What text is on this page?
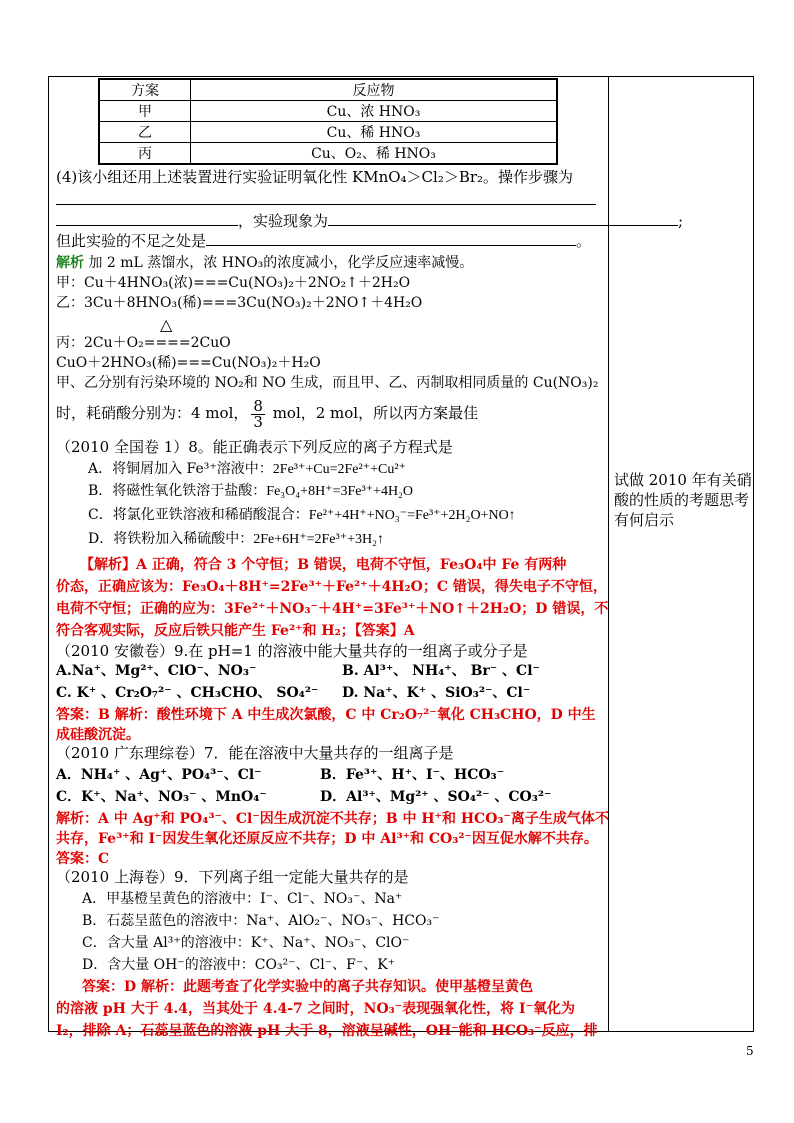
方案	反应物
甲	Cu、浓 HNO₃
乙	Cu、稀 HNO₃
丙	Cu、O₂、稀 HNO₃
(4)该小组还用上述装置进行实验证明氧化性 KMnO₄＞Cl₂＞Br₂。操作步骤为
，实验现象为	;
但此实验的不足之处是	。
解析 加 2 mL 蒸馏水，浓 HNO₃的浓度减小，化学反应速率减慢。
甲：Cu＋4HNO₃(浓)===Cu(NO₃)₂＋2NO₂↑＋2H₂O
乙：3Cu＋8HNO₃(稀)===3Cu(NO₃)₂＋2NO↑＋4H₂O
△
丙：2Cu＋O₂====2CuO
CuO＋2HNO₃(稀)===Cu(NO₃)₂＋H₂O
甲、乙分别有污染环境的 NO₂和 NO 生成，而且甲、乙、丙制取相同质量的 Cu(NO₃)₂
时，耗硝酸分别为：4 mol， $\frac{8}{3}$ mol，2 mol，所以丙方案最佳
（2010 全国卷 1）8。能正确表示下列反应的离子方程式是
A．将铜屑加入 Fe³⁺溶液中：2Fe³⁺+Cu=2Fe²⁺+Cu²⁺
B．将磁性氧化铁溶于盐酸：Fe₃O₄+8H⁺=3Fe³⁺+4H₂O
C．将氯化亚铁溶液和稀硝酸混合：Fe²⁺+4H⁺+NO₃⁻=Fe³⁺+2H₂O+NO↑
D．将铁粉加入稀硫酸中：2Fe+6H⁺=2Fe³⁺+3H₂↑
【解析】A 正确，符合 3 个守恒；B 错误，电荷不守恒，Fe₃O₄中 Fe 有两种
价态，正确应该为：Fe₃O₄＋8H⁺=2Fe³⁺＋Fe²⁺＋4H₂O；C 错误，得失电子不守恒，
电荷不守恒；正确的应为：3Fe²⁺＋NO₃⁻＋4H⁺=3Fe³⁺＋NO↑＋2H₂O；D 错误，不
符合客观实际，反应后铁只能产生 Fe²⁺和 H₂；【答案】A
（2010 安徽卷）9.在 pH=1 的溶液中能大量共存的一组离子或分子是
A.Na⁺、Mg²⁺、ClO⁻、NO₃⁻	B. Al³⁺、 NH₄⁺、 Br⁻ 、Cl⁻
C. K⁺ 、Cr₂O₇²⁻ 、CH₃CHO、 SO₄²⁻ D. Na⁺、K⁺ 、SiO₃²⁻、Cl⁻
答案：B 解析：酸性环境下 A 中生成次氯酸，C 中 Cr₂O₇²⁻氧化 CH₃CHO，D 中生
成硅酸沉淀。
（2010 广东理综卷）7．能在溶液中大量共存的一组离子是
A．NH₄⁺ 、Ag⁺、PO₄³⁻、Cl⁻	B．Fe³⁺、H⁺、I⁻、HCO₃⁻
C．K⁺、Na⁺、NO₃⁻ 、MnO₄⁻	D．Al³⁺、Mg²⁺ 、SO₄²⁻ 、CO₃²⁻
解析：A 中 Ag⁺和 PO₄³⁻、Cl⁻因生成沉淀不共存；B 中 H⁺和 HCO₃⁻离子生成气体不
共存，Fe³⁺和 I⁻因发生氧化还原反应不共存；D 中 Al³⁺和 CO₃²⁻因互促水解不共存。
答案：C
（2010 上海卷）9．下列离子组一定能大量共存的是
A．甲基橙呈黄色的溶液中：I⁻、Cl⁻、NO₃⁻、Na⁺
B．石蕊呈蓝色的溶液中：Na⁺、AlO₂⁻、NO₃⁻、HCO₃⁻
C．含大量 Al³⁺的溶液中：K⁺、Na⁺、NO₃⁻、ClO⁻
D．含大量 OH⁻的溶液中：CO₃²⁻、Cl⁻、F⁻、K⁺
答案：D 解析：此题考查了化学实验中的离子共存知识。使甲基橙呈黄色
的溶液 pH 大于 4.4，当其处于 4.4-7 之间时，NO₃⁻表现强氧化性，将 I⁻氧化为
I₂，排除 A；石蕊呈蓝色的溶液 pH 大于 8，溶液呈碱性，OH⁻能和 HCO₃⁻反应，排
试做 2010 年有关硝酸的性质的考题思考有何启示
5
